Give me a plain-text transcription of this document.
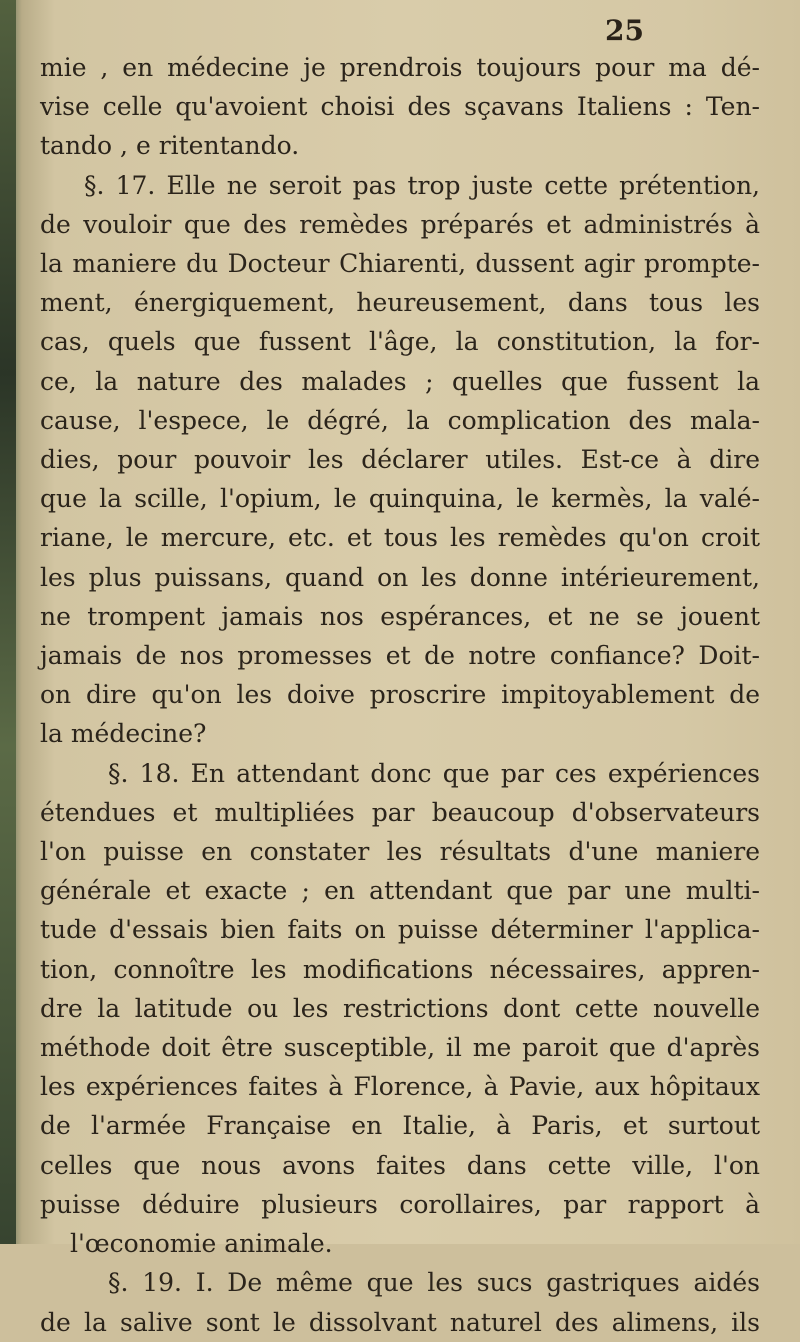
25
mie , en médecine je prendrois toujours pour ma dé-
vise celle qu'avoient choisi des sçavans Italiens : Ten-
tando , e ritentando.
§. 17. Elle ne seroit pas trop juste cette prétention,
de vouloir que des remèdes préparés et administrés à
la maniere du Docteur Chiarenti, dussent agir prompte-
ment, énergiquement, heureusement, dans tous les
cas, quels que fussent l'âge, la constitution, la for-
ce, la nature des malades ; quelles que fussent la
cause, l'espece, le dégré, la complication des mala-
dies, pour pouvoir les déclarer utiles. Est-ce à dire
que la scille, l'opium, le quinquina, le kermès, la valé-
riane, le mercure, etc. et tous les remèdes qu'on croit
les plus puissans, quand on les donne intérieurement,
ne trompent jamais nos espérances, et ne se jouent
jamais de nos promesses et de notre confiance? Doit-
on dire qu'on les doive proscrire impitoyablement de
la médecine?
§. 18. En attendant donc que par ces expériences
étendues et multipliées par beaucoup d'observateurs
l'on puisse en constater les résultats d'une maniere
générale et exacte ; en attendant que par une multi-
tude d'essais bien faits on puisse déterminer l'applica-
tion, connoître les modifications nécessaires, appren-
dre la latitude ou les restrictions dont cette nouvelle
méthode doit être susceptible, il me paroit que d'après
les expériences faites à Florence, à Pavie, aux hôpitaux
de l'armée Française en Italie, à Paris, et surtout
celles que nous avons faites dans cette ville, l'on
puisse déduire plusieurs corollaires, par rapport à
l'œconomie animale.
§. 19. I. De même que les sucs gastriques aidés
de la salive sont le dissolvant naturel des alimens, ils
